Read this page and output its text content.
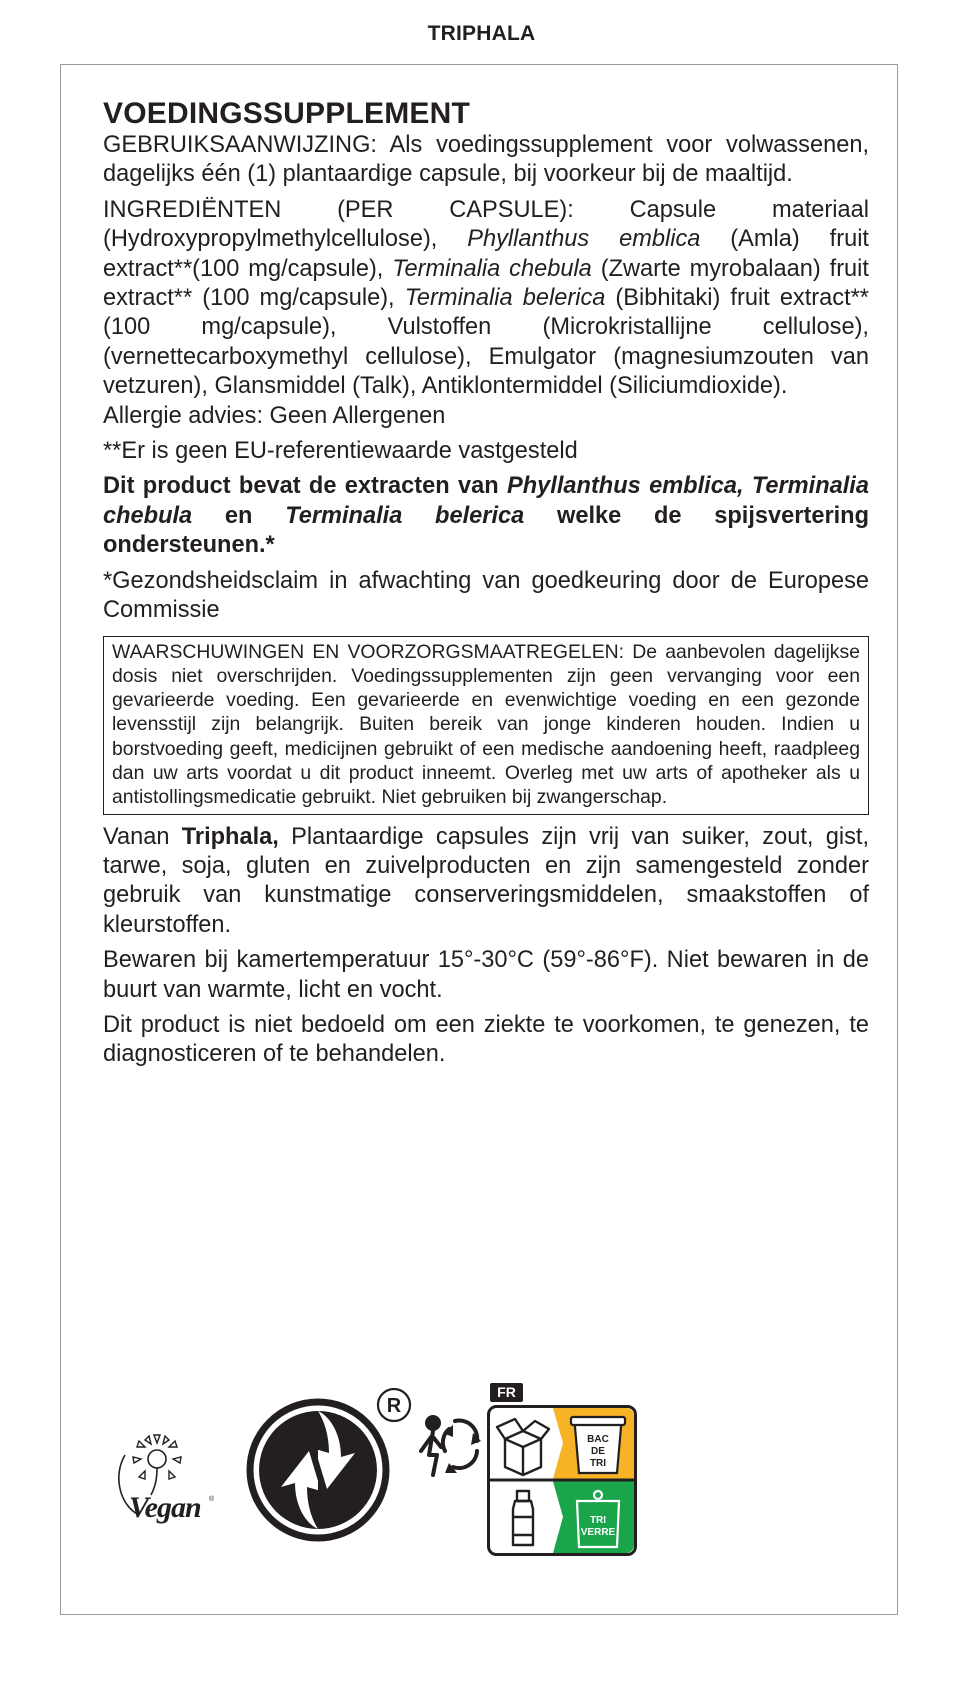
TRIPHALA
VOEDINGSSUPPLEMENT

GEBRUIKSAANWIJZING: Als voedingssupplement voor volwassenen, dagelijks één (1) plantaardige capsule, bij voorkeur bij de maaltijd.

INGREDIËNTEN (PER CAPSULE): Capsule materiaal (Hydroxypropylmethylcellulose), Phyllanthus emblica (Amla) fruit extract**(100 mg/capsule), Terminalia chebula (Zwarte myrobalaan) fruit extract** (100 mg/capsule), Terminalia belerica (Bibhitaki) fruit extract**(100 mg/capsule), Vulstoffen (Microkristallijne cellulose), (vernettecarboxymethyl cellulose), Emulgator (magnesiumzouten van vetzuren), Glansmiddel (Talk), Antiklontermiddel (Siliciumdioxide).

Allergie advies: Geen Allergenen

**Er is geen EU-referentiewaarde vastgesteld

Dit product bevat de extracten van Phyllanthus emblica, Terminalia chebula en Terminalia belerica welke de spijsvertering ondersteunen.*

*Gezondsheidsclaim in afwachting van goedkeuring door de Europese Commissie

WAARSCHUWINGEN EN VOORZORGSMAATREGELEN: De aanbevolen dagelijkse dosis niet overschrijden. Voedingssupplementen zijn geen vervanging voor een gevarieerde voeding. Een gevarieerde en evenwichtige voeding en een gezonde levensstijl zijn belangrijk. Buiten bereik van jonge kinderen houden. Indien u borstvoeding geeft, medicijnen gebruikt of een medische aandoening heeft, raadpleeg dan uw arts voordat u dit product inneemt. Overleg met uw arts of apotheker als u antistollingsmedicatie gebruikt. Niet gebruiken bij zwangerschap.

Vanan Triphala, Plantaardige capsules zijn vrij van suiker, zout, gist, tarwe, soja, gluten en zuivelproducten en zijn samengesteld zonder gebruik van kunstmatige conserveringsmiddelen, smaakstoffen of kleurstoffen.

Bewaren bij kamertemperatuur 15°-30°C (59°-86°F). Niet bewaren in de buurt van warmte, licht en vocht.

Dit product is niet bedoeld om een ziekte te voorkomen, te genezen, te diagnosticeren of te behandelen.

Vegan ®
R
FR
BAC
DE
TRI
TRI
VERRE
